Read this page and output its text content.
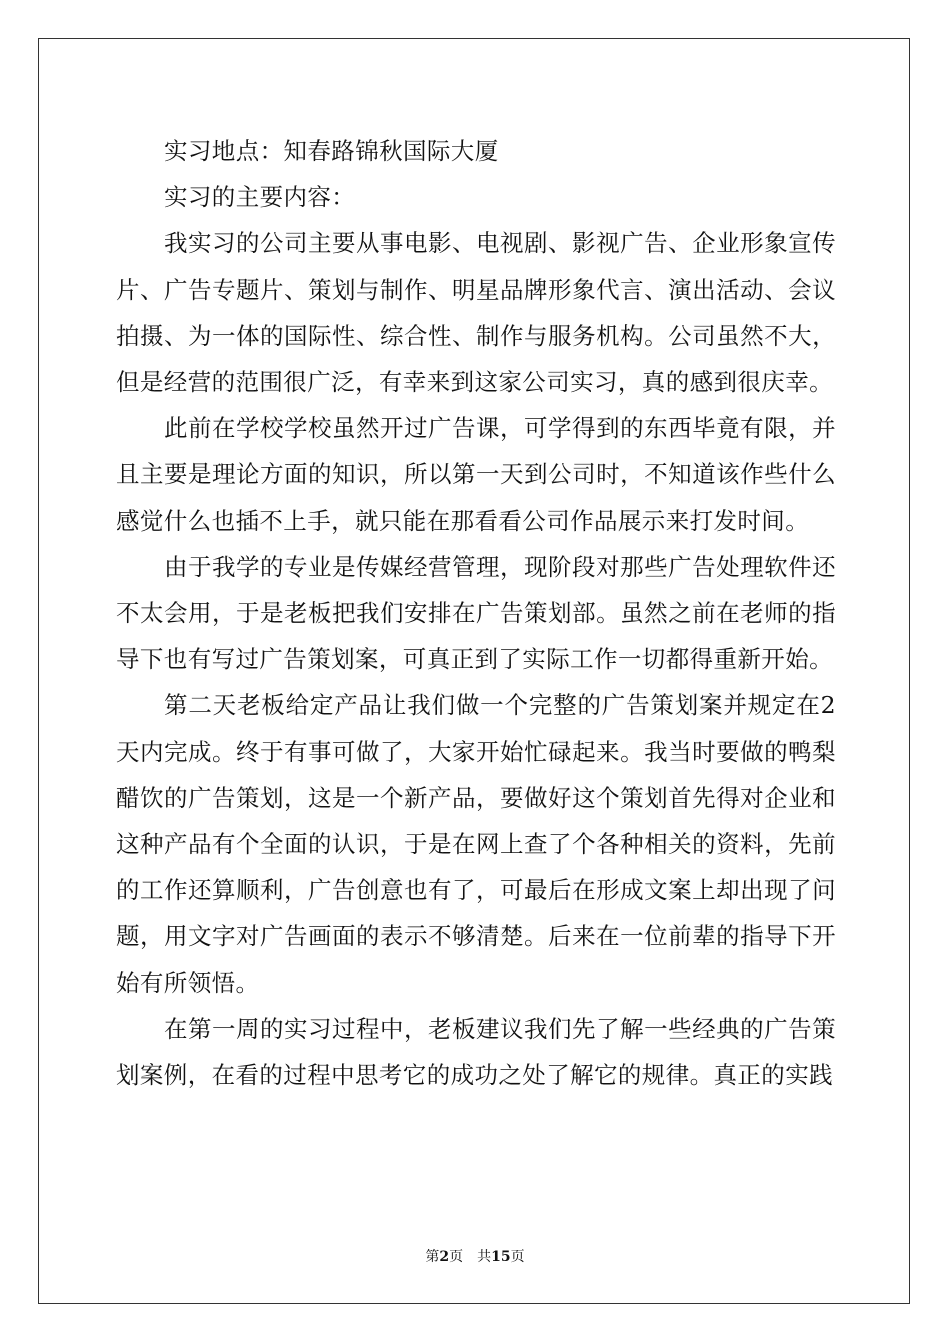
实习地点：知春路锦秋国际大厦

实习的主要内容：

我实习的公司主要从事电影、电视剧、影视广告、企业形象宣传片、广告专题片、策划与制作、明星品牌形象代言、演出活动、会议拍摄、为一体的国际性、综合性、制作与服务机构。公司虽然不大，但是经营的范围很广泛，有幸来到这家公司实习，真的感到很庆幸。

此前在学校学校虽然开过广告课，可学得到的东西毕竟有限，并且主要是理论方面的知识，所以第一天到公司时，不知道该作些什么感觉什么也插不上手，就只能在那看看公司作品展示来打发时间。

由于我学的专业是传媒经营管理，现阶段对那些广告处理软件还不太会用，于是老板把我们安排在广告策划部。虽然之前在老师的指导下也有写过广告策划案，可真正到了实际工作一切都得重新开始。

第二天老板给定产品让我们做一个完整的广告策划案并规定在2天内完成。终于有事可做了，大家开始忙碌起来。我当时要做的鸭梨醋饮的广告策划，这是一个新产品，要做好这个策划首先得对企业和这种产品有个全面的认识，于是在网上查了个各种相关的资料，先前的工作还算顺利，广告创意也有了，可最后在形成文案上却出现了问题，用文字对广告画面的表示不够清楚。后来在一位前辈的指导下开始有所领悟。

在第一周的实习过程中，老板建议我们先了解一些经典的广告策划案例，在看的过程中思考它的成功之处了解它的规律。真正的实践

第2页 共15页
